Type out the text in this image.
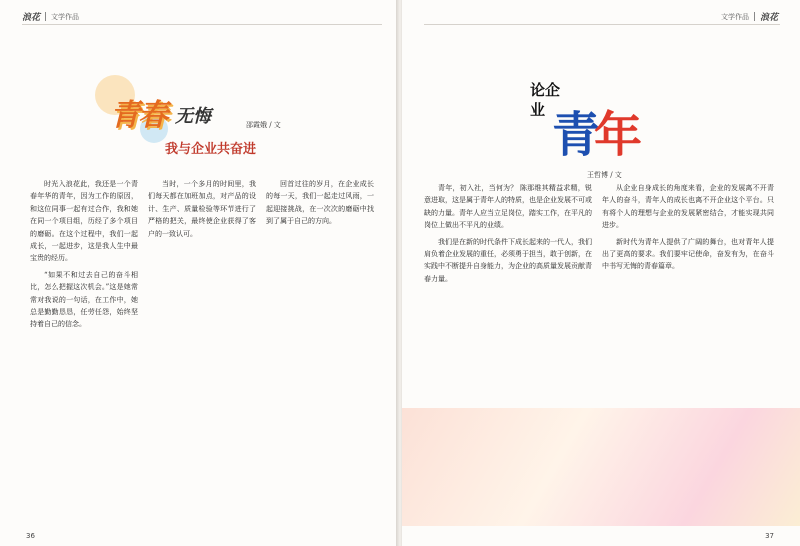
浪花 文学作品
青春 无悔	邵霞娥 / 文
我与企业共奋进

时光入浪花此，我还是一个青春年华的青年，因为工作的原因，和这位同事一起有过合作，我和她在同一个项目组，历经了多个项目的磨砺。在这个过程中，我们一起成长，一起进步，这是我人生中最宝贵的经历。

“如果不和过去自己的奋斗相比，怎么把握这次机会。”这是她常常对我说的一句话，在工作中，她总是勤勤恳恳，任劳任怨，始终坚持着自己的信念。

当时，一个多月的时间里，我们每天都在加班加点，对产品的设计、生产、质量检验等环节进行了严格的把关，最终使企业获得了客户的一致认可。

回首过往的岁月，在企业成长的每一天，我们一起走过风雨，一起迎接挑战，在一次次的磨砺中找到了属于自己的方向。

36
文学作品 浪花
论企业 青年
王哲博 / 文

青年，初入社，当何为？ 陈那维其精益求精，锐意进取，这是属于青年人的特质，也是企业发展不可或缺的力量。青年人应当立足岗位，踏实工作，在平凡的岗位上做出不平凡的业绩。

我们是在新的时代条件下成长起来的一代人，我们肩负着企业发展的重任，必须勇于担当，敢于创新，在实践中不断提升自身能力，为企业的高质量发展贡献青春力量。

从企业自身成长的角度来看，企业的发展离不开青年人的奋斗，青年人的成长也离不开企业这个平台。只有将个人的理想与企业的发展紧密结合，才能实现共同进步。

新时代为青年人提供了广阔的舞台，也对青年人提出了更高的要求。我们要牢记使命，奋发有为，在奋斗中书写无悔的青春篇章。

37
